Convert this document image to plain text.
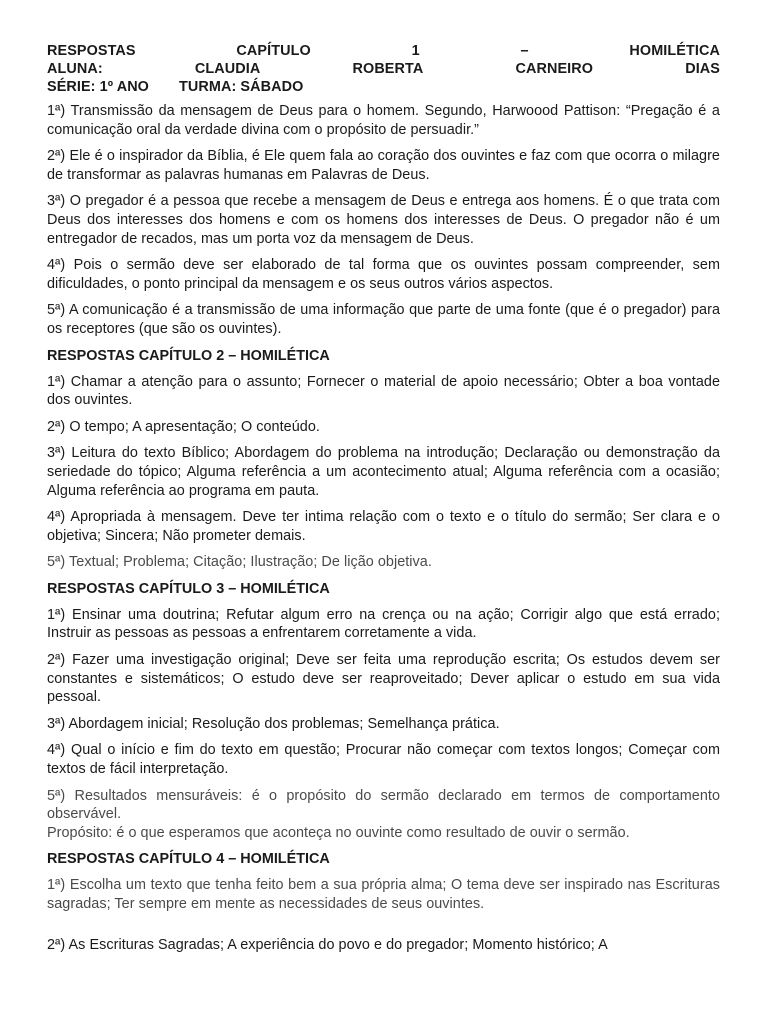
RESPOSTAS	CAPÍTULO	1	–	HOMILÉTICA
ALUNA:	CLAUDIA	ROBERTA	CARNEIRO	DIAS
SÉRIE: 1º ANO TURMA: SÁBADO

1ª) Transmissão da mensagem de Deus para o homem. Segundo, Harwoood Pattison: “Pregação é a comunicação oral da verdade divina com o propósito de persuadir.”

2ª) Ele é o inspirador da Bíblia, é Ele quem fala ao coração dos ouvintes e faz com que ocorra o milagre de transformar as palavras humanas em Palavras de Deus.

3ª) O pregador é a pessoa que recebe a mensagem de Deus e entrega aos homens. É o que trata com Deus dos interesses dos homens e com os homens dos interesses de Deus. O pregador não é um entregador de recados, mas um porta voz da mensagem de Deus.

4ª) Pois o sermão deve ser elaborado de tal forma que os ouvintes possam compreender, sem dificuldades, o ponto principal da mensagem e os seus outros vários aspectos.

5ª) A comunicação é a transmissão de uma informação que parte de uma fonte (que é o pregador) para os receptores (que são os ouvintes).

RESPOSTAS CAPÍTULO 2 – HOMILÉTICA

1ª) Chamar a atenção para o assunto; Fornecer o material de apoio necessário; Obter a boa vontade dos ouvintes.

2ª) O tempo; A apresentação; O conteúdo.

3ª) Leitura do texto Bíblico; Abordagem do problema na introdução; Declaração ou demonstração da seriedade do tópico; Alguma referência a um acontecimento atual; Alguma referência com a ocasião; Alguma referência ao programa em pauta.

4ª) Apropriada à mensagem. Deve ter intima relação com o texto e o título do sermão; Ser clara e o objetiva; Sincera; Não prometer demais.

5ª) Textual; Problema; Citação; Ilustração; De lição objetiva.

RESPOSTAS CAPÍTULO 3 – HOMILÉTICA

1ª) Ensinar uma doutrina; Refutar algum erro na crença ou na ação; Corrigir algo que está errado; Instruir as pessoas as pessoas a enfrentarem corretamente a vida.

2ª) Fazer uma investigação original; Deve ser feita uma reprodução escrita; Os estudos devem ser constantes e sistemáticos; O estudo deve ser reaproveitado; Dever aplicar o estudo em sua vida pessoal.

3ª) Abordagem inicial; Resolução dos problemas; Semelhança prática.

4ª) Qual o início e fim do texto em questão; Procurar não começar com textos longos; Começar com textos de fácil interpretação.

5ª) Resultados mensuráveis: é o propósito do sermão declarado em termos de comportamento observável.
Propósito: é o que esperamos que aconteça no ouvinte como resultado de ouvir o sermão.

RESPOSTAS CAPÍTULO 4 – HOMILÉTICA

1ª) Escolha um texto que tenha feito bem a sua própria alma; O tema deve ser inspirado nas Escrituras sagradas; Ter sempre em mente as necessidades de seus ouvintes.

2ª) As Escrituras Sagradas; A experiência do povo e do pregador; Momento histórico; A
